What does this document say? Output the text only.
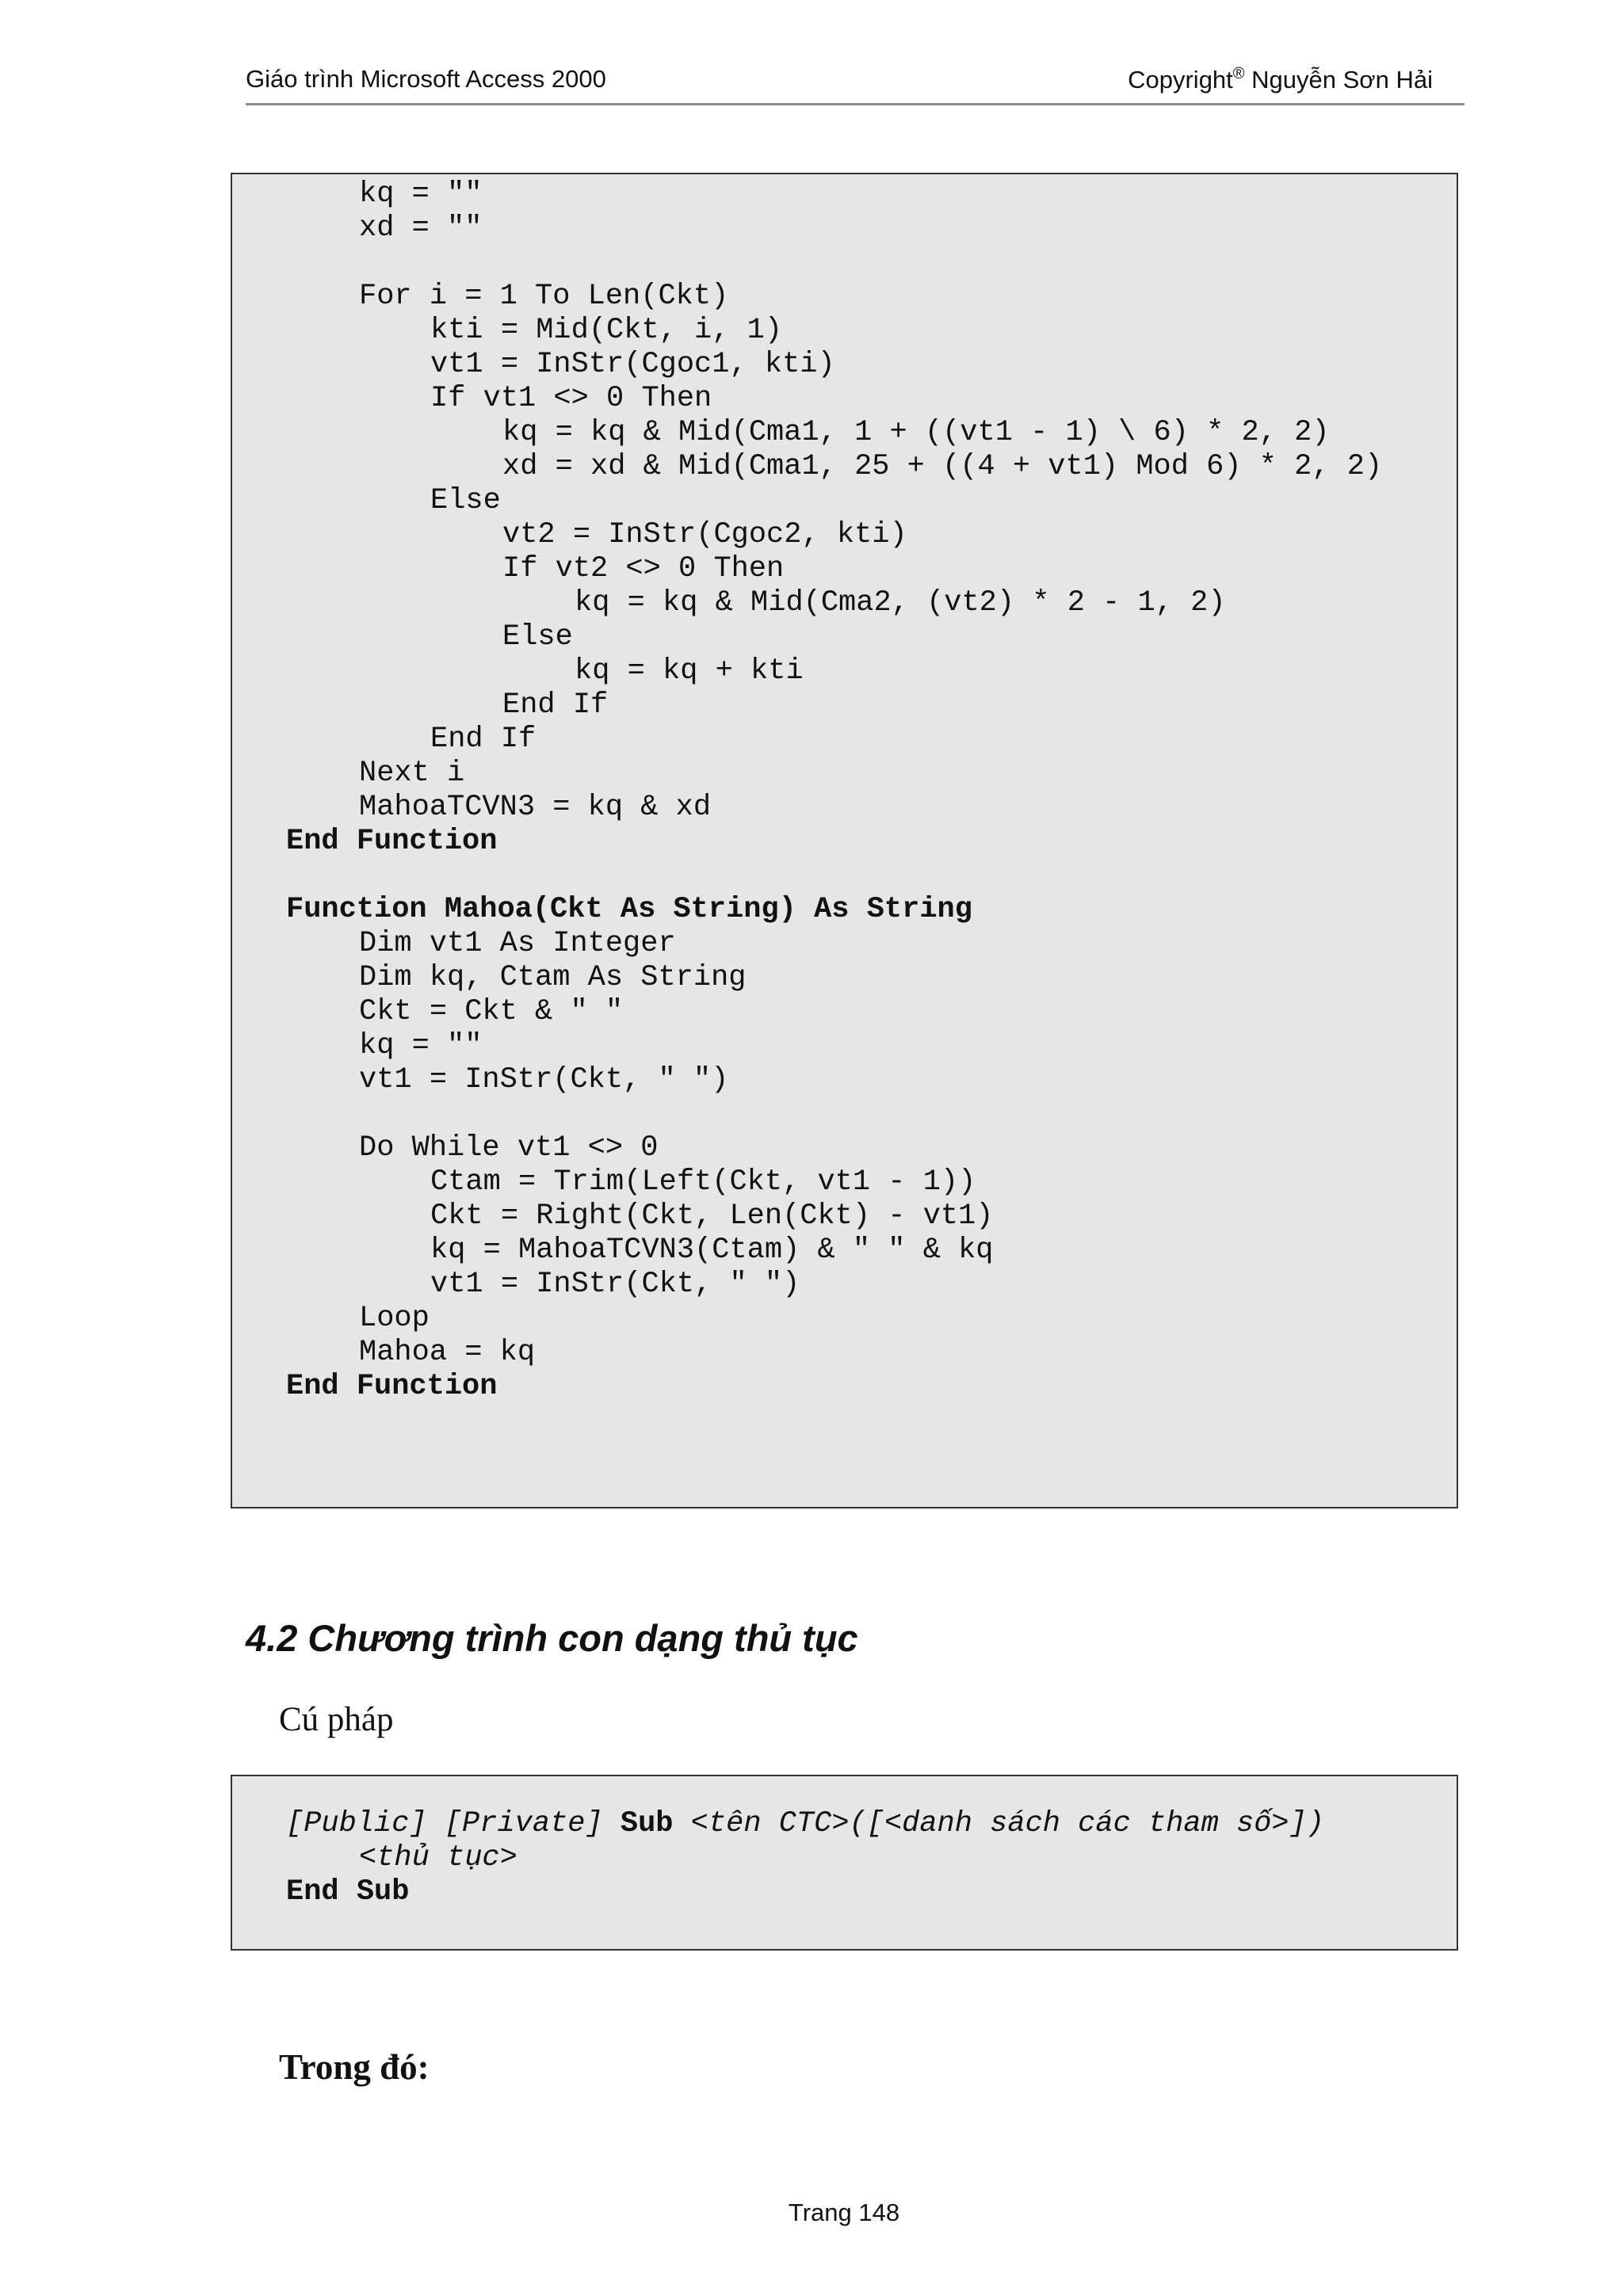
Giáo trình Microsoft Access 2000	Copyright® Nguyễn Sơn Hải
kq = ""
xd = ""
For i = 1 To Len(Ckt)
kti = Mid(Ckt, i, 1)
vt1 = InStr(Cgoc1, kti)
If vt1 <> 0 Then
kq = kq & Mid(Cma1, 1 + ((vt1 - 1) \ 6) * 2, 2)
xd = xd & Mid(Cma1, 25 + ((4 + vt1) Mod 6) * 2, 2)
Else
vt2 = InStr(Cgoc2, kti)
If vt2 <> 0 Then
kq = kq & Mid(Cma2, (vt2) * 2 - 1, 2)
Else
kq = kq + kti
End If
End If
Next i
MahoaTCVN3 = kq & xd
End Function
Function Mahoa(Ckt As String) As String
Dim vt1 As Integer
Dim kq, Ctam As String
Ckt = Ckt & " "
kq = ""
vt1 = InStr(Ckt, " ")
Do While vt1 <> 0
Ctam = Trim(Left(Ckt, vt1 - 1))
Ckt = Right(Ckt, Len(Ckt) - vt1)
kq = MahoaTCVN3(Ctam) & " " & kq
vt1 = InStr(Ckt, " ")
Loop
Mahoa = kq
End Function
4.2 Chương trình con dạng thủ tục
Cú pháp
[Public] [Private] Sub <tên CTC>([<danh sách các tham số>])
<thủ tục>
End Sub
Trong đó:
Trang 148
